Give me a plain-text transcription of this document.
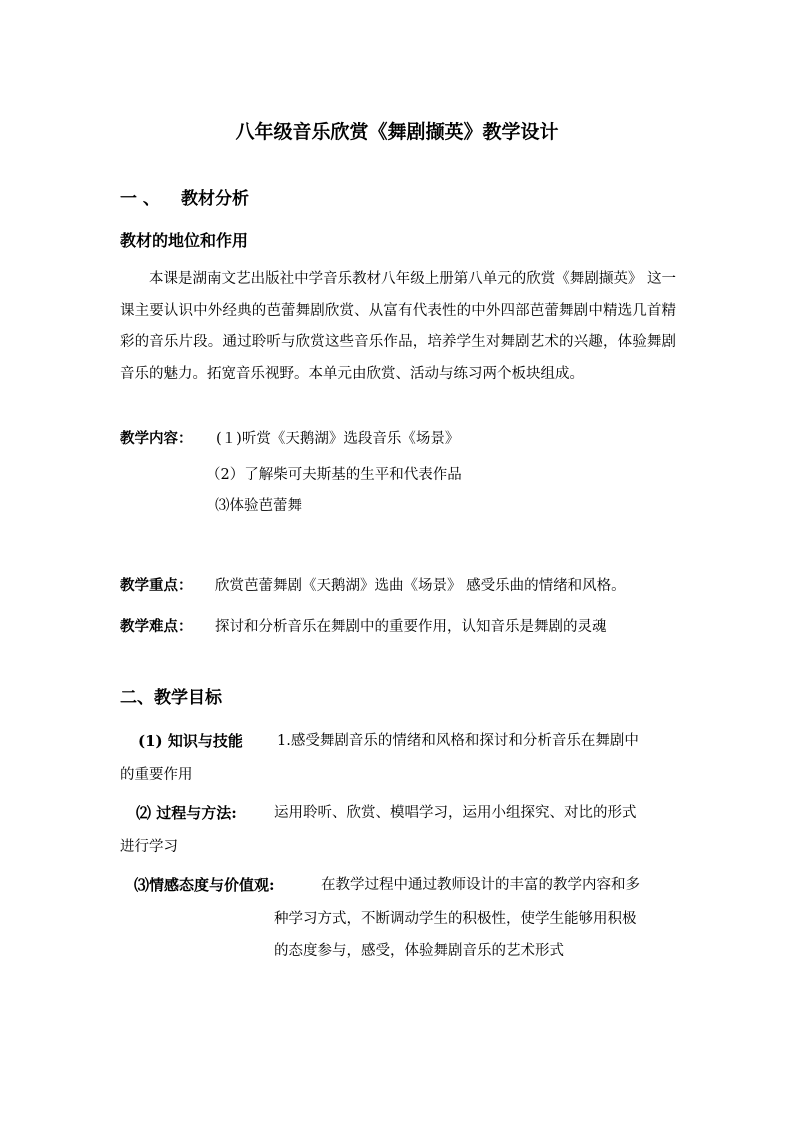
八年级音乐欣赏《舞剧撷英》教学设计
一 、 教材分析
教材的地位和作用
本课是湖南文艺出版社中学音乐教材八年级上册第八单元的欣赏《舞剧撷英》 这一课主要认识中外经典的芭蕾舞剧欣赏、从富有代表性的中外四部芭蕾舞剧中精选几首精彩的音乐片段。通过聆听与欣赏这些音乐作品，培养学生对舞剧艺术的兴趣，体验舞剧音乐的魅力。拓宽音乐视野。本单元由欣赏、活动与练习两个板块组成。
教学内容： (１)听赏《天鹅湖》选段音乐《场景》
（2）了解柴可夫斯基的生平和代表作品
⑶体验芭蕾舞
教学重点： 欣赏芭蕾舞剧《天鹅湖》选曲《场景》 感受乐曲的情绪和风格。
教学难点： 探讨和分析音乐在舞剧中的重要作用，认知音乐是舞剧的灵魂
二、教学目标
(1) 知识与技能 1.感受舞剧音乐的情绪和风格和探讨和分析音乐在舞剧中
的重要作用
⑵ 过程与方法:	运用聆听、欣赏、模唱学习，运用小组探究、对比的形式
进行学习
⑶情感态度与价值观:	在教学过程中通过教师设计的丰富的教学内容和多
种学习方式，不断调动学生的积极性，使学生能够用积极
的态度参与，感受，体验舞剧音乐的艺术形式
